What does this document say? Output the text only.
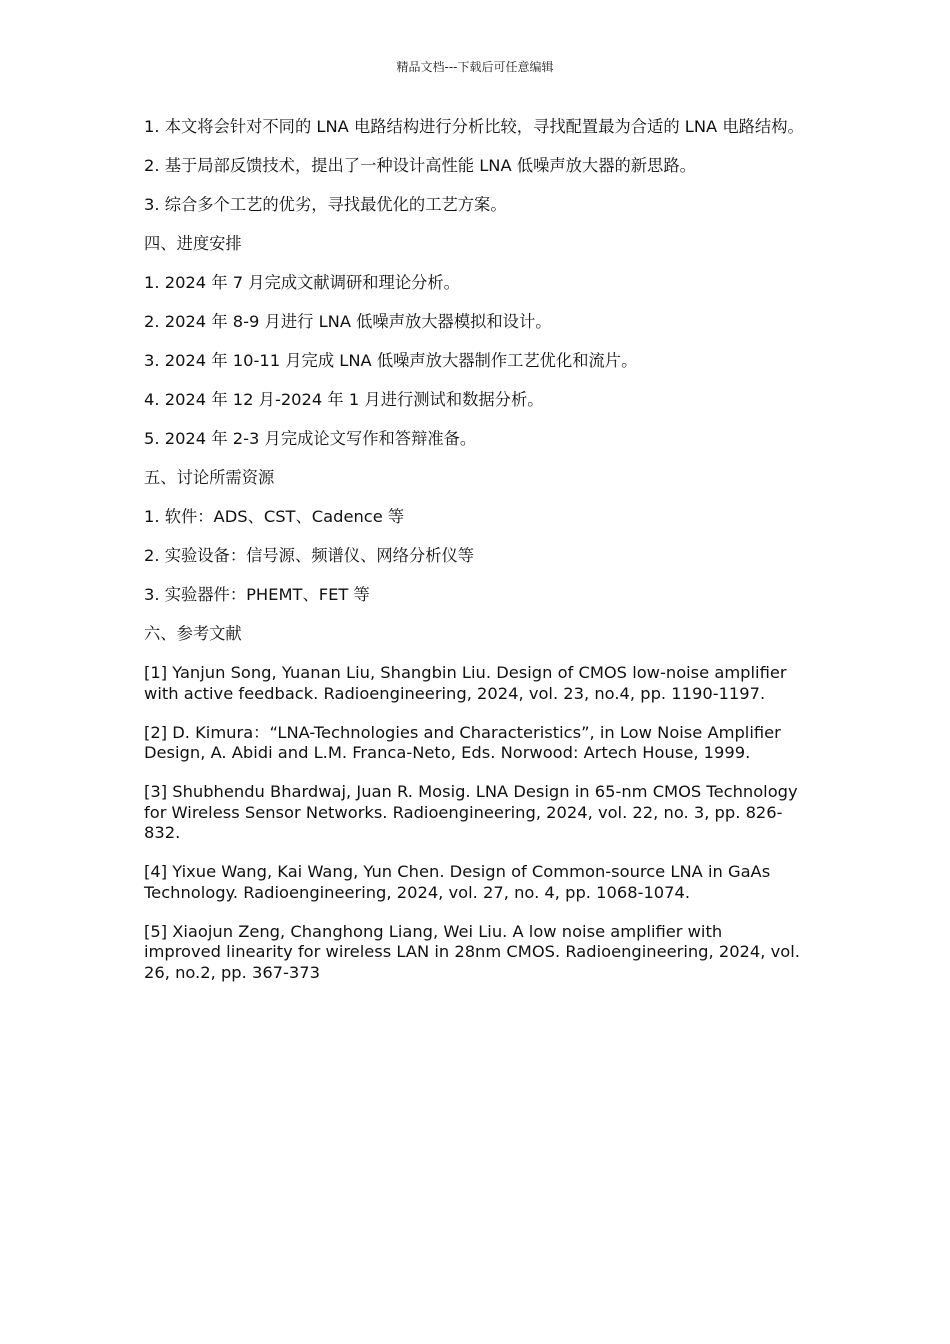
精品文档---下载后可任意编辑

1. 本文将会针对不同的 LNA 电路结构进行分析比较，寻找配置最为合适的 LNA 电路结构。

2. 基于局部反馈技术，提出了一种设计高性能 LNA 低噪声放大器的新思路。

3. 综合多个工艺的优劣，寻找最优化的工艺方案。

四、进度安排

1. 2024 年 7 月完成文献调研和理论分析。

2. 2024 年 8-9 月进行 LNA 低噪声放大器模拟和设计。

3. 2024 年 10-11 月完成 LNA 低噪声放大器制作工艺优化和流片。

4. 2024 年 12 月-2024 年 1 月进行测试和数据分析。

5. 2024 年 2-3 月完成论文写作和答辩准备。

五、讨论所需资源

1. 软件：ADS、CST、Cadence 等

2. 实验设备：信号源、频谱仪、网络分析仪等

3. 实验器件：PHEMT、FET 等

六、参考文献

[1] Yanjun Song, Yuanan Liu, Shangbin Liu. Design of CMOS low-noise amplifier with active feedback. Radioengineering, 2024, vol. 23, no.4, pp. 1190-1197.

[2] D. Kimura：“LNA-Technologies and Characteristics”, in Low Noise Amplifier Design, A. Abidi and L.M. Franca-Neto, Eds. Norwood: Artech House, 1999.

[3] Shubhendu Bhardwaj, Juan R. Mosig. LNA Design in 65-nm CMOS Technology for Wireless Sensor Networks. Radioengineering, 2024, vol. 22, no. 3, pp. 826-832.

[4] Yixue Wang, Kai Wang, Yun Chen. Design of Common-source LNA in GaAs Technology. Radioengineering, 2024, vol. 27, no. 4, pp. 1068-1074.

[5] Xiaojun Zeng, Changhong Liang, Wei Liu. A low noise amplifier with improved linearity for wireless LAN in 28nm CMOS. Radioengineering, 2024, vol. 26, no.2, pp. 367-373
